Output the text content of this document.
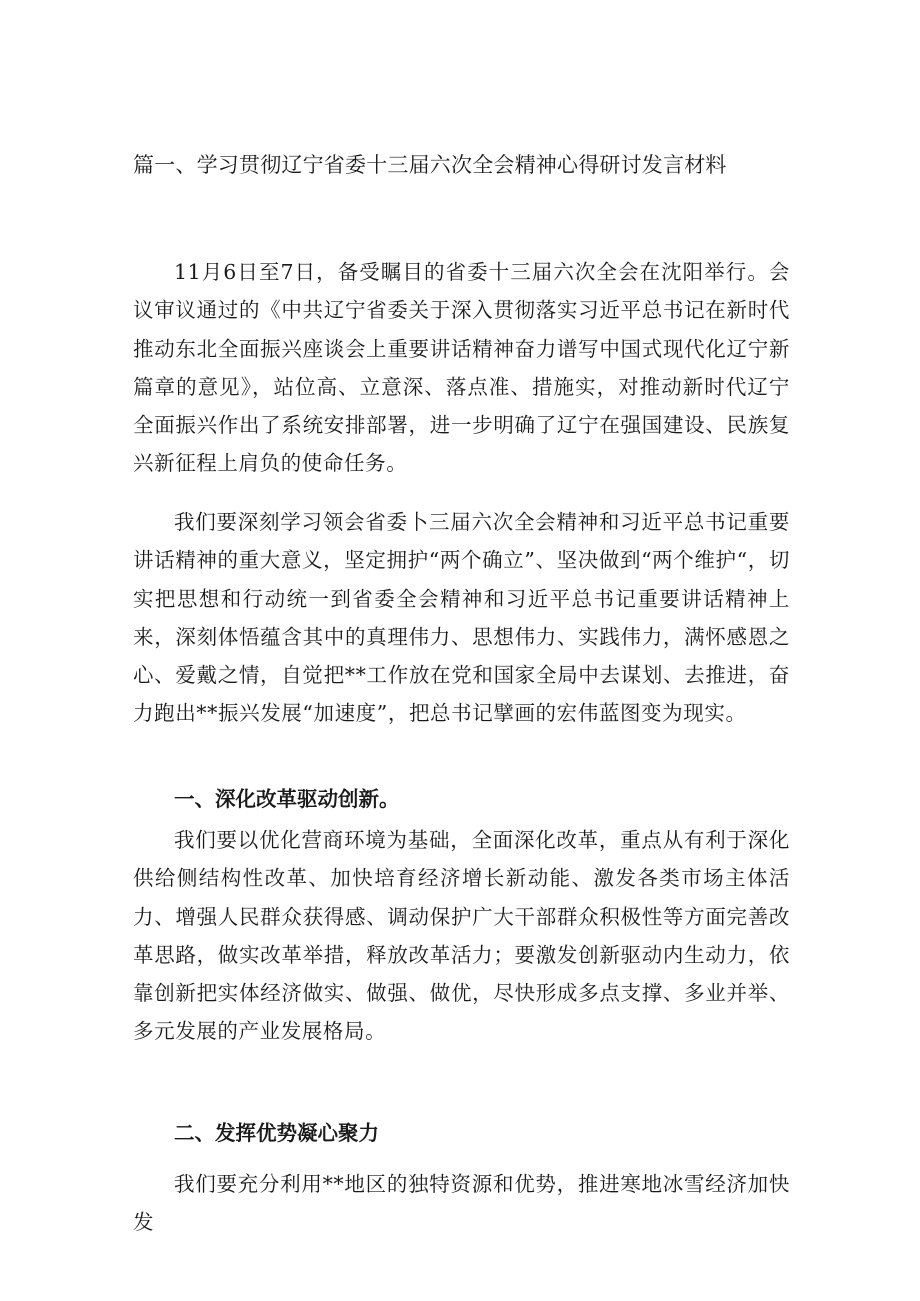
篇一、学习贯彻辽宁省委十三届六次全会精神心得研讨发言材料

11月6日至7日，备受瞩目的省委十三届六次全会在沈阳举行。会议审议通过的《中共辽宁省委关于深入贯彻落实习近平总书记在新时代推动东北全面振兴座谈会上重要讲话精神奋力谱写中国式现代化辽宁新篇章的意见》，站位高、立意深、落点准、措施实，对推动新时代辽宁全面振兴作出了系统安排部署，进一步明确了辽宁在强国建设、民族复兴新征程上肩负的使命任务。

我们要深刻学习领会省委卜三届六次全会精神和习近平总书记重要讲话精神的重大意义，坚定拥护“两个确立”、坚决做到“两个维护“，切实把思想和行动统一到省委全会精神和习近平总书记重要讲话精神上来，深刻体悟蕴含其中的真理伟力、思想伟力、实践伟力，满怀感恩之心、爱戴之情，自觉把**工作放在党和国家全局中去谋划、去推进，奋力跑出**振兴发展“加速度”，把总书记擘画的宏伟蓝图变为现实。

一、深化改革驱动创新。

我们要以优化营商环境为基础，全面深化改革，重点从有利于深化供给侧结构性改革、加快培育经济增长新动能、激发各类市场主体活力、增强人民群众获得感、调动保护广大干部群众积极性等方面完善改革思路，做实改革举措，释放改革活力；要激发创新驱动内生动力，依靠创新把实体经济做实、做强、做优，尽快形成多点支撑、多业并举、多元发展的产业发展格局。

二、发挥优势凝心聚力

我们要充分利用**地区的独特资源和优势，推进寒地冰雪经济加快发
